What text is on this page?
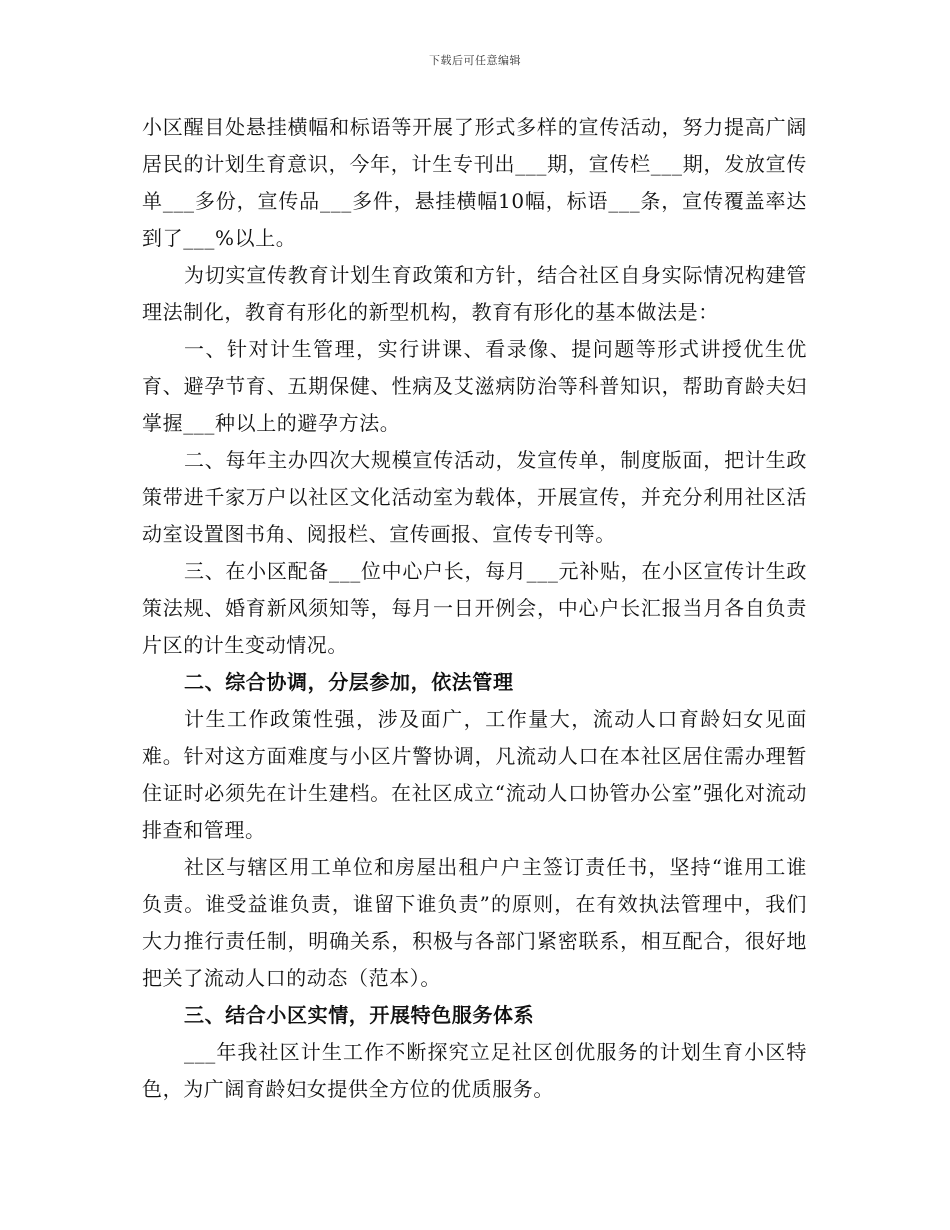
下载后可任意编辑

小区醒目处悬挂横幅和标语等开展了形式多样的宣传活动，努力提高广阔居民的计划生育意识，今年，计生专刊出___期，宣传栏___期，发放宣传单___多份，宣传品___多件，悬挂横幅10幅，标语___条，宣传覆盖率达到了___%以上。

为切实宣传教育计划生育政策和方针，结合社区自身实际情况构建管理法制化，教育有形化的新型机构，教育有形化的基本做法是：

一、针对计生管理，实行讲课、看录像、提问题等形式讲授优生优育、避孕节育、五期保健、性病及艾滋病防治等科普知识，帮助育龄夫妇掌握___种以上的避孕方法。

二、每年主办四次大规模宣传活动，发宣传单，制度版面，把计生政策带进千家万户以社区文化活动室为载体，开展宣传，并充分利用社区活动室设置图书角、阅报栏、宣传画报、宣传专刊等。

三、在小区配备___位中心户长，每月___元补贴，在小区宣传计生政策法规、婚育新风须知等，每月一日开例会，中心户长汇报当月各自负责片区的计生变动情况。

二、综合协调，分层参加，依法管理

计生工作政策性强，涉及面广，工作量大，流动人口育龄妇女见面难。针对这方面难度与小区片警协调，凡流动人口在本社区居住需办理暂住证时必须先在计生建档。在社区成立“流动人口协管办公室”强化对流动排查和管理。

社区与辖区用工单位和房屋出租户户主签订责任书，坚持“谁用工谁负责。谁受益谁负责，谁留下谁负责”的原则，在有效执法管理中，我们大力推行责任制，明确关系，积极与各部门紧密联系，相互配合，很好地把关了流动人口的动态（范本）。

三、结合小区实情，开展特色服务体系

___年我社区计生工作不断探究立足社区创优服务的计划生育小区特色，为广阔育龄妇女提供全方位的优质服务。
